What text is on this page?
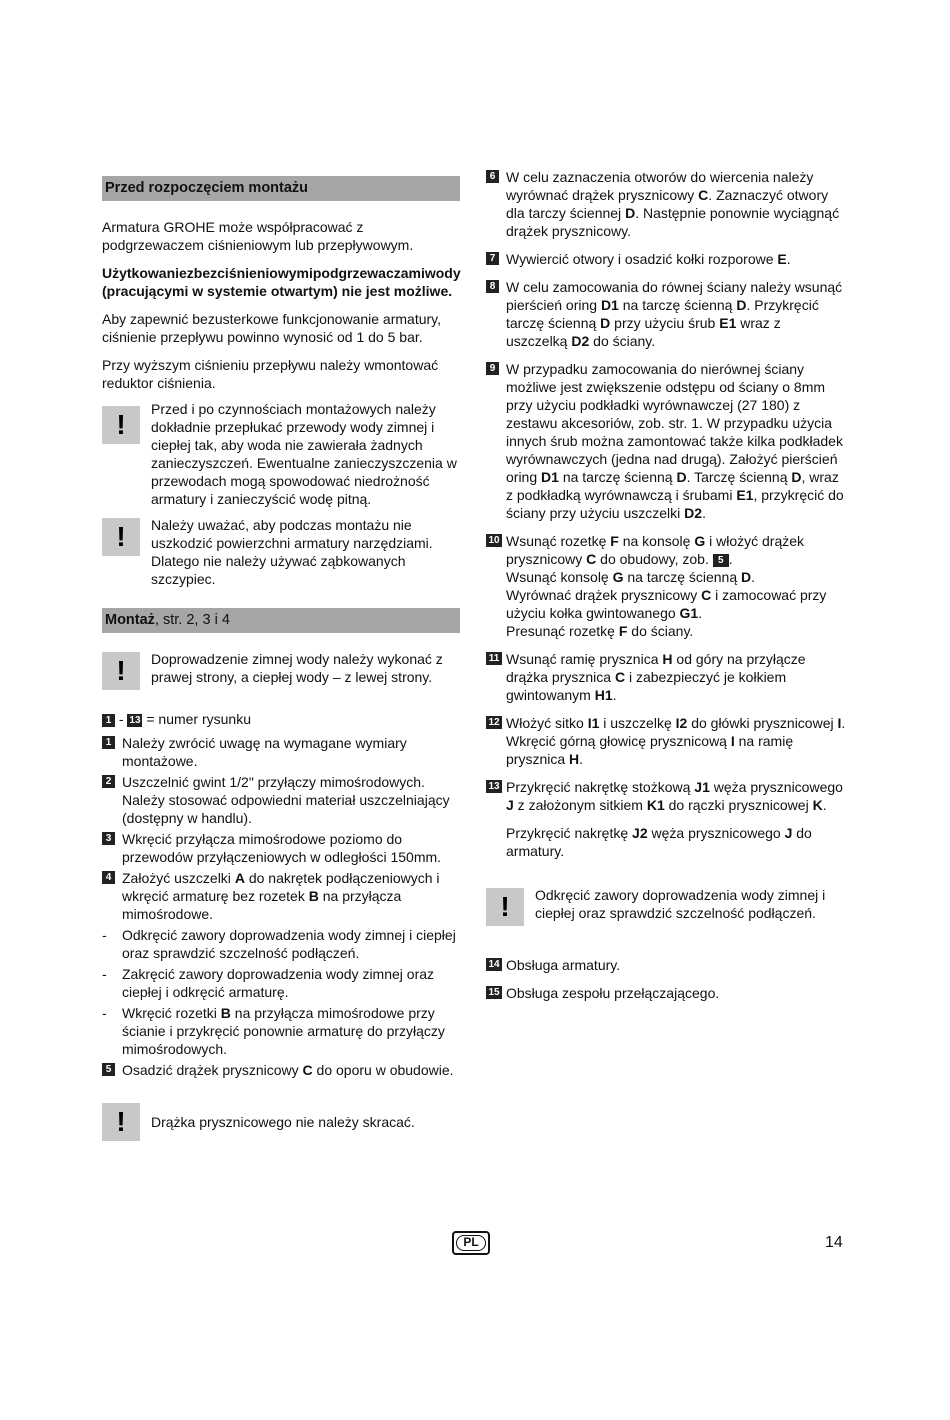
Przed rozpoczęciem montażu

Armatura GROHE może współpracować z podgrzewaczem ciśnieniowym lub przepływowym.

Użytkowaniezbezciśnieniowymipodgrzewaczamiwody (pracującymi w systemie otwartym) nie jest możliwe.

Aby zapewnić bezusterkowe funkcjonowanie armatury, ciśnienie przepływu powinno wynosić od 1 do 5 bar.

Przy wyższym ciśnieniu przepływu należy wmontować reduktor ciśnienia.

!	Przed i po czynnościach montażowych należy dokładnie przepłukać przewody wody zimnej i ciepłej tak, aby woda nie zawierała żadnych zanieczyszczeń. Ewentualne zanieczyszczenia w przewodach mogą spowodować niedrożność armatury i zanieczyścić wodę pitną.

!	Należy uważać, aby podczas montażu nie uszkodzić powierzchni armatury narzędziami. Dlatego nie należy używać ząbkowanych szczypiec.

Montaż, str. 2, 3 i 4
!	Doprowadzenie zimnej wody należy wykonać z prawej strony, a ciepłej wody – z lewej strony.

1 - 13 = numer rysunku

1 Należy zwrócić uwagę na wymagane wymiary montażowe.
2 Uszczelnić gwint 1/2" przyłączy mimośrodowych. Należy stosować odpowiedni materiał uszczelniający (dostępny w handlu).
3 Wkręcić przyłącza mimośrodowe poziomo do przewodów przyłączeniowych w odległości 150mm.
4 Założyć uszczelki A do nakrętek podłączeniowych i wkręcić armaturę bez rozetek B na przyłącza mimośrodowe.
- Odkręcić zawory doprowadzenia wody zimnej i ciepłej oraz sprawdzić szczelność podłączeń.
- Zakręcić zawory doprowadzenia wody zimnej oraz ciepłej i odkręcić armaturę.
- Wkręcić rozetki B na przyłącza mimośrodowe przy ścianie i przykręcić ponownie armaturę do przyłączy mimośrodowych.
5 Osadzić drążek prysznicowy C do oporu w obudowie.
!	Drążka prysznicowego nie należy skracać.

6 W celu zaznaczenia otworów do wiercenia należy wyrównać drążek prysznicowy C. Zaznaczyć otwory dla tarczy ściennej D. Następnie ponownie wyciągnąć drążek prysznicowy.
7 Wywiercić otwory i osadzić kołki rozporowe E.
8 W celu zamocowania do równej ściany należy wsunąć pierścień oring D1 na tarczę ścienną D. Przykręcić tarczę ścienną D przy użyciu śrub E1 wraz z uszczelką D2 do ściany.
9 W przypadku zamocowania do nierównej ściany możliwe jest zwiększenie odstępu od ściany o 8mm przy użyciu podkładki wyrównawczej (27 180) z zestawu akcesoriów, zob. str. 1. W przypadku użycia innych śrub można zamontować także kilka podkładek wyrównawczych (jedna nad drugą). Założyć pierścień oring D1 na tarczę ścienną D. Tarczę ścienną D, wraz z podkładką wyrównawczą i śrubami E1, przykręcić do ściany przy użyciu uszczelki D2.
10 Wsunąć rozetkę F na konsolę G i włożyć drążek prysznicowy C do obudowy, zob. 5 .
Wsunąć konsolę G na tarczę ścienną D.
Wyrównać drążek prysznicowy C i zamocować przy użyciu kołka gwintowanego G1.
Presunąć rozetkę F do ściany.
11 Wsunąć ramię prysznica H od góry na przyłącze drążka prysznica C i zabezpieczyć je kołkiem gwintowanym H1.
12 Włożyć sitko I1 i uszczelkę I2 do główki prysznicowej I. Wkręcić górną głowicę prysznicową I na ramię prysznica H.
13 Przykręcić nakrętkę stożkową J1 węża prysznicowego J z założonym sitkiem K1 do rączki prysznicowej K.
Przykręcić nakrętkę J2 węża prysznicowego J do armatury.
!	Odkręcić zawory doprowadzenia wody zimnej i ciepłej oraz sprawdzić szczelność podłączeń.

14 Obsługa armatury.
15 Obsługa zespołu przełączającego.
PL	14
